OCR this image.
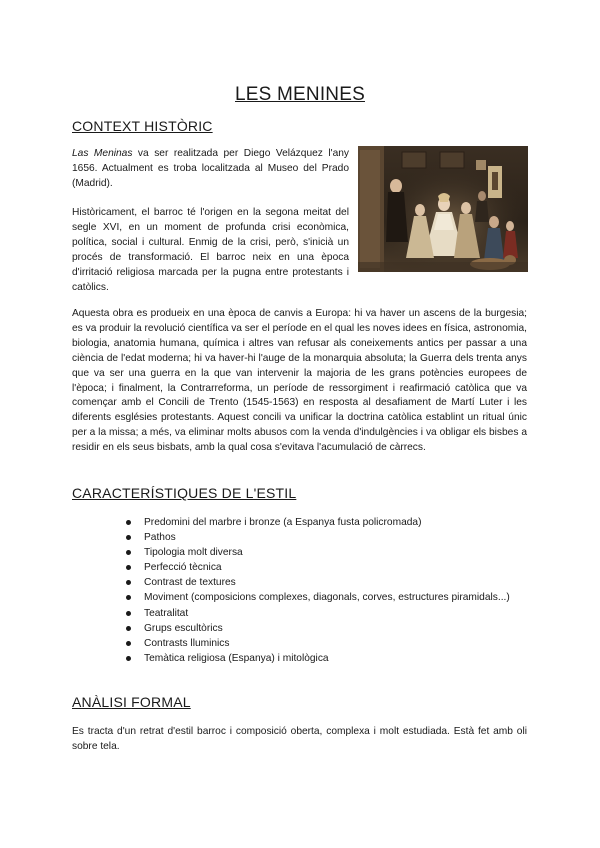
LES MENINES
CONTEXT HISTÒRIC

Las Meninas va ser realitzada per Diego Velázquez l'any 1656. Actualment es troba localitzada al Museo del Prado (Madrid).

Històricament, el barroc té l'origen en la segona meitat del segle XVI, en un moment de profunda crisi econòmica, política, social i cultural. Enmig de la crisi, però, s'inicià un procés de transformació. El barroc neix en una època d'irritació religiosa marcada per la pugna entre protestants i catòlics.

Aquesta obra es produeix en una època de canvis a Europa: hi va haver un ascens de la burgesia; es va produir la revolució científica va ser el període en el qual les noves idees en física, astronomia, biologia, anatomia humana, química i altres van refusar als coneixements antics per passar a una ciència de l'edat moderna; hi va haver-hi l'auge de la monarquia absoluta; la Guerra dels trenta anys que va ser una guerra en la que van intervenir la majoria de les grans potències europees de l'època; i finalment, la Contrarreforma, un període de ressorgiment i reafirmació catòlica que va començar amb el Concili de Trento (1545-1563) en resposta al desafiament de Martí Luter i les diferents esglésies protestants. Aquest concili va unificar la doctrina catòlica establint un ritual únic per a la missa; a més, va eliminar molts abusos com la venda d'indulgències i va obligar els bisbes a residir en els seus bisbats, amb la qual cosa s'evitava l'acumulació de càrrecs.

CARACTERÍSTIQUES DE L'ESTIL
Predomini del marbre i bronze (a Espanya fusta policromada)
Pathos
Tipologia molt diversa
Perfecció tècnica
Contrast de textures
Moviment (composicions complexes, diagonals, corves, estructures piramidals...)
Teatralitat
Grups escultòrics
Contrasts lluminics
Temàtica religiosa (Espanya) i mitològica
ANÀLISI FORMAL

Es tracta d'un retrat d'estil barroc i composició oberta, complexa i molt estudiada. Està fet amb oli sobre tela.
